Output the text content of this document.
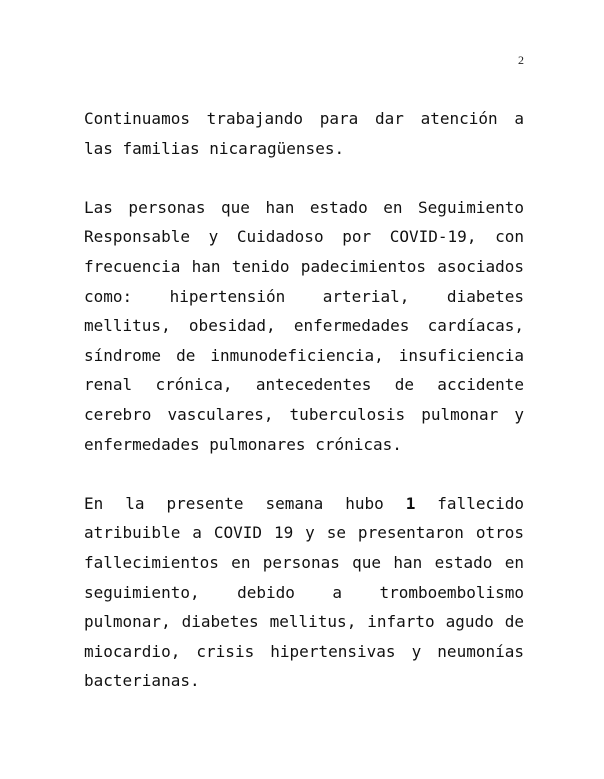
2

Continuamos trabajando para dar atención a las familias nicaragüenses.

Las personas que han estado en Seguimiento Responsable y Cuidadoso por COVID-19, con frecuencia han tenido padecimientos asociados como: hipertensión arterial, diabetes mellitus, obesidad, enfermedades cardíacas, síndrome de inmunodeficiencia, insuficiencia renal crónica, antecedentes de accidente cerebro vasculares, tuberculosis pulmonar y enfermedades pulmonares crónicas.

En la presente semana hubo 1 fallecido atribuible a COVID 19 y se presentaron otros fallecimientos en personas que han estado en seguimiento, debido a tromboembolismo pulmonar, diabetes mellitus, infarto agudo de miocardio, crisis hipertensivas y neumonías bacterianas.
